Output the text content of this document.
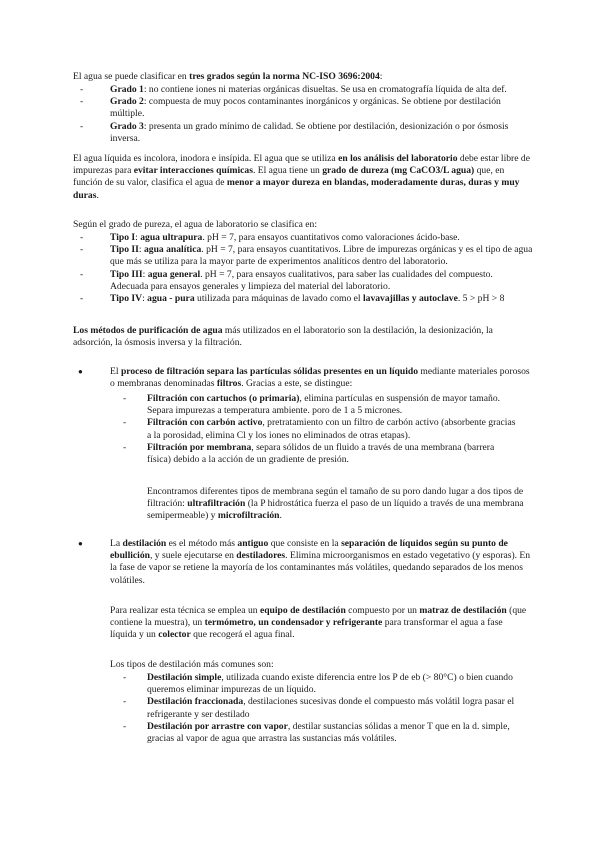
El agua se puede clasificar en tres grados según la norma NC-ISO 3696:2004:

- Grado 1: no contiene iones ni materias orgánicas disueltas. Se usa en cromatografía líquida de alta def.
- Grado 2: compuesta de muy pocos contaminantes inorgánicos y orgánicas. Se obtiene por destilación múltiple.
- Grado 3: presenta un grado mínimo de calidad. Se obtiene por destilación, desionización o por ósmosis inversa.

El agua líquida es incolora, inodora e insípida. El agua que se utiliza en los análisis del laboratorio debe estar libre de impurezas para evitar interacciones químicas. El agua tiene un grado de dureza (mg CaCO3/L agua) que, en función de su valor, clasifica el agua de menor a mayor dureza en blandas, moderadamente duras, duras y muy duras.

Según el grado de pureza, el agua de laboratorio se clasifica en:

- Tipo I: agua ultrapura. pH = 7, para ensayos cuantitativos como valoraciones ácido-base.
- Tipo II: agua analítica. pH = 7, para ensayos cuantitativos. Libre de impurezas orgánicas y es el tipo de agua que más se utiliza para la mayor parte de experimentos analíticos dentro del laboratorio.
- Tipo III: agua general. pH = 7, para ensayos cualitativos, para saber las cualidades del compuesto. Adecuada para ensayos generales y limpieza del material del laboratorio.
- Tipo IV: agua - pura utilizada para máquinas de lavado como el lavavajillas y autoclave. 5 > pH > 8

Los métodos de purificación de agua más utilizados en el laboratorio son la destilación, la desionización, la adsorción, la ósmosis inversa y la filtración.

● El proceso de filtración separa las partículas sólidas presentes en un líquido mediante materiales porosos o membranas denominadas filtros. Gracias a este, se distingue:
- Filtración con cartuchos (o primaria), elimina partículas en suspensión de mayor tamaño. Separa impurezas a temperatura ambiente. poro de 1 a 5 micrones.
- Filtración con carbón activo, pretratamiento con un filtro de carbón activo (absorbente gracias a la porosidad, elimina Cl y los iones no eliminados de otras etapas).
- Filtración por membrana, separa sólidos de un fluido a través de una membrana (barrera física) debido a la acción de un gradiente de presión.

Encontramos diferentes tipos de membrana según el tamaño de su poro dando lugar a dos tipos de filtración: ultrafiltración (la P hidrostática fuerza el paso de un líquido a través de una membrana semipermeable) y microfiltración.

● La destilación es el método más antiguo que consiste en la separación de líquidos según su punto de ebullición, y suele ejecutarse en destiladores. Elimina microorganismos en estado vegetativo (y esporas). En la fase de vapor se retiene la mayoría de los contaminantes más volátiles, quedando separados de los menos volátiles.

Para realizar esta técnica se emplea un equipo de destilación compuesto por un matraz de destilación (que contiene la muestra), un termómetro, un condensador y refrigerante para transformar el agua a fase líquida y un colector que recogerá el agua final.

Los tipos de destilación más comunes son:

- Destilación simple, utilizada cuando existe diferencia entre los P de eb (> 80°C) o bien cuando queremos eliminar impurezas de un líquido.
- Destilación fraccionada, destilaciones sucesivas donde el compuesto más volátil logra pasar el refrigerante y ser destilado
- Destilación por arrastre con vapor, destilar sustancias sólidas a menor T que en la d. simple, gracias al vapor de agua que arrastra las sustancias más volátiles.
